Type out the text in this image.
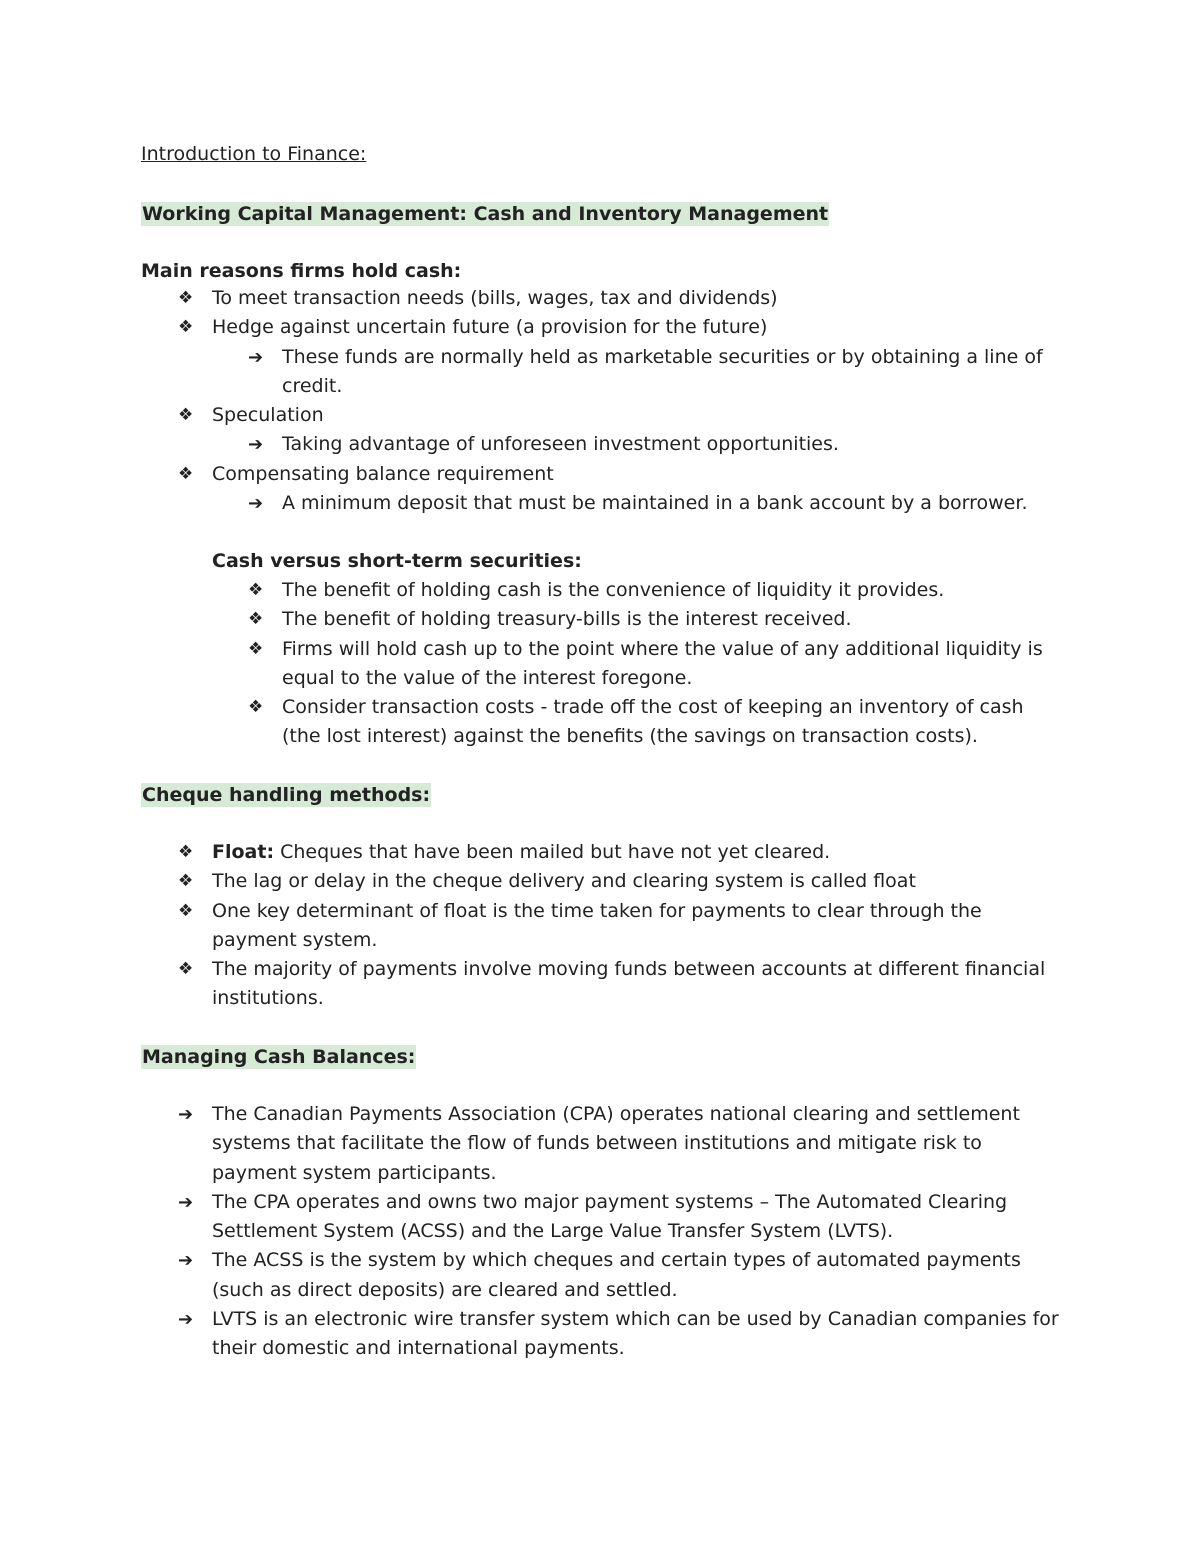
Introduction to Finance:
Working Capital Management: Cash and Inventory Management
Main reasons firms hold cash:
❖ To meet transaction needs (bills, wages, tax and dividends)
❖ Hedge against uncertain future (a provision for the future)
➔ These funds are normally held as marketable securities or by obtaining a line of credit.
❖ Speculation
➔ Taking advantage of unforeseen investment opportunities.
❖ Compensating balance requirement
➔ A minimum deposit that must be maintained in a bank account by a borrower.
Cash versus short-term securities:
❖ The benefit of holding cash is the convenience of liquidity it provides.
❖ The benefit of holding treasury-bills is the interest received.
❖ Firms will hold cash up to the point where the value of any additional liquidity is equal to the value of the interest foregone.
❖ Consider transaction costs - trade off the cost of keeping an inventory of cash (the lost interest) against the benefits (the savings on transaction costs).
Cheque handling methods:
❖ Float: Cheques that have been mailed but have not yet cleared.
❖ The lag or delay in the cheque delivery and clearing system is called float
❖ One key determinant of float is the time taken for payments to clear through the payment system.
❖ The majority of payments involve moving funds between accounts at different financial institutions.
Managing Cash Balances:
➔ The Canadian Payments Association (CPA) operates national clearing and settlement systems that facilitate the flow of funds between institutions and mitigate risk to payment system participants.
➔ The CPA operates and owns two major payment systems – The Automated Clearing Settlement System (ACSS) and the Large Value Transfer System (LVTS).
➔ The ACSS is the system by which cheques and certain types of automated payments (such as direct deposits) are cleared and settled.
➔ LVTS is an electronic wire transfer system which can be used by Canadian companies for their domestic and international payments.
